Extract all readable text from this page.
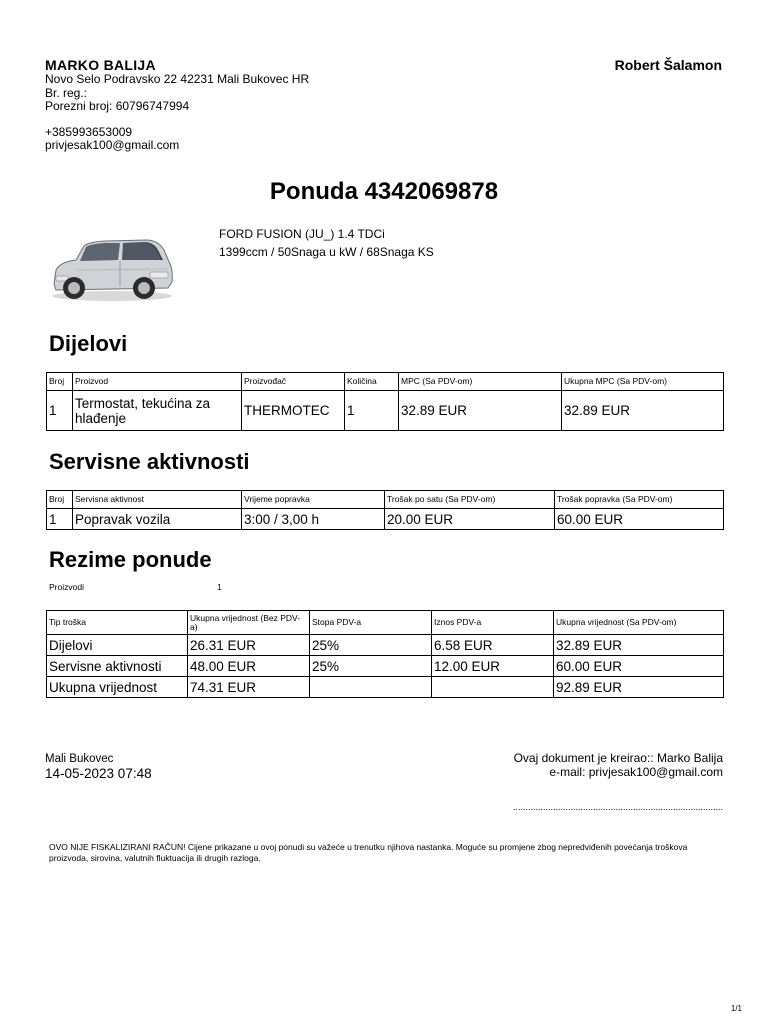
MARKO BALIJA
Novo Selo Podravsko 22 42231 Mali Bukovec HR
Br. reg.:
Porezni broj: 60796747994
+385993653009
privjesak100@gmail.com
Robert Šalamon
Ponuda 4342069878
FORD FUSION (JU_) 1.4 TDCi
1399ccm / 50Snaga u kW / 68Snaga KS
Dijelovi
Broj	Proizvod	Proizvođač	Količina	MPC (Sa PDV-om)	Ukupna MPC (Sa PDV-om)
1	Termostat, tekućina za hlađenje	THERMOTEC	1	32.89 EUR	32.89 EUR
Servisne aktivnosti
Broj	Servisna aktivnost	Vrijeme popravka	Trošak po satu (Sa PDV-om)	Trošak popravka (Sa PDV-om)
1	Popravak vozila	3:00 / 3,00 h	20.00 EUR	60.00 EUR
Rezime ponude
Proizvodi	1
Tip troška	Ukupna vrijednost (Bez PDV-a)	Stopa PDV-a	Iznos PDV-a	Ukupna vrijednost (Sa PDV-om)
Dijelovi	26.31 EUR	25%	6.58 EUR	32.89 EUR
Servisne aktivnosti	48.00 EUR	25%	12.00 EUR	60.00 EUR
Ukupna vrijednost	74.31 EUR			92.89 EUR
Mali Bukovec
14-05-2023 07:48
Ovaj dokument je kreirao:: Marko Balija
e-mail: privjesak100@gmail.com
....................................................................................
OVO NIJE FISKALIZIRANI RAČUN! Cijene prikazane u ovoj ponudi su važeće u trenutku njihova nastanka. Moguće su promjene zbog nepredviđenih povećanja troškova proizvoda, sirovina, valutnih fluktuacija ili drugih razloga.
1/1
